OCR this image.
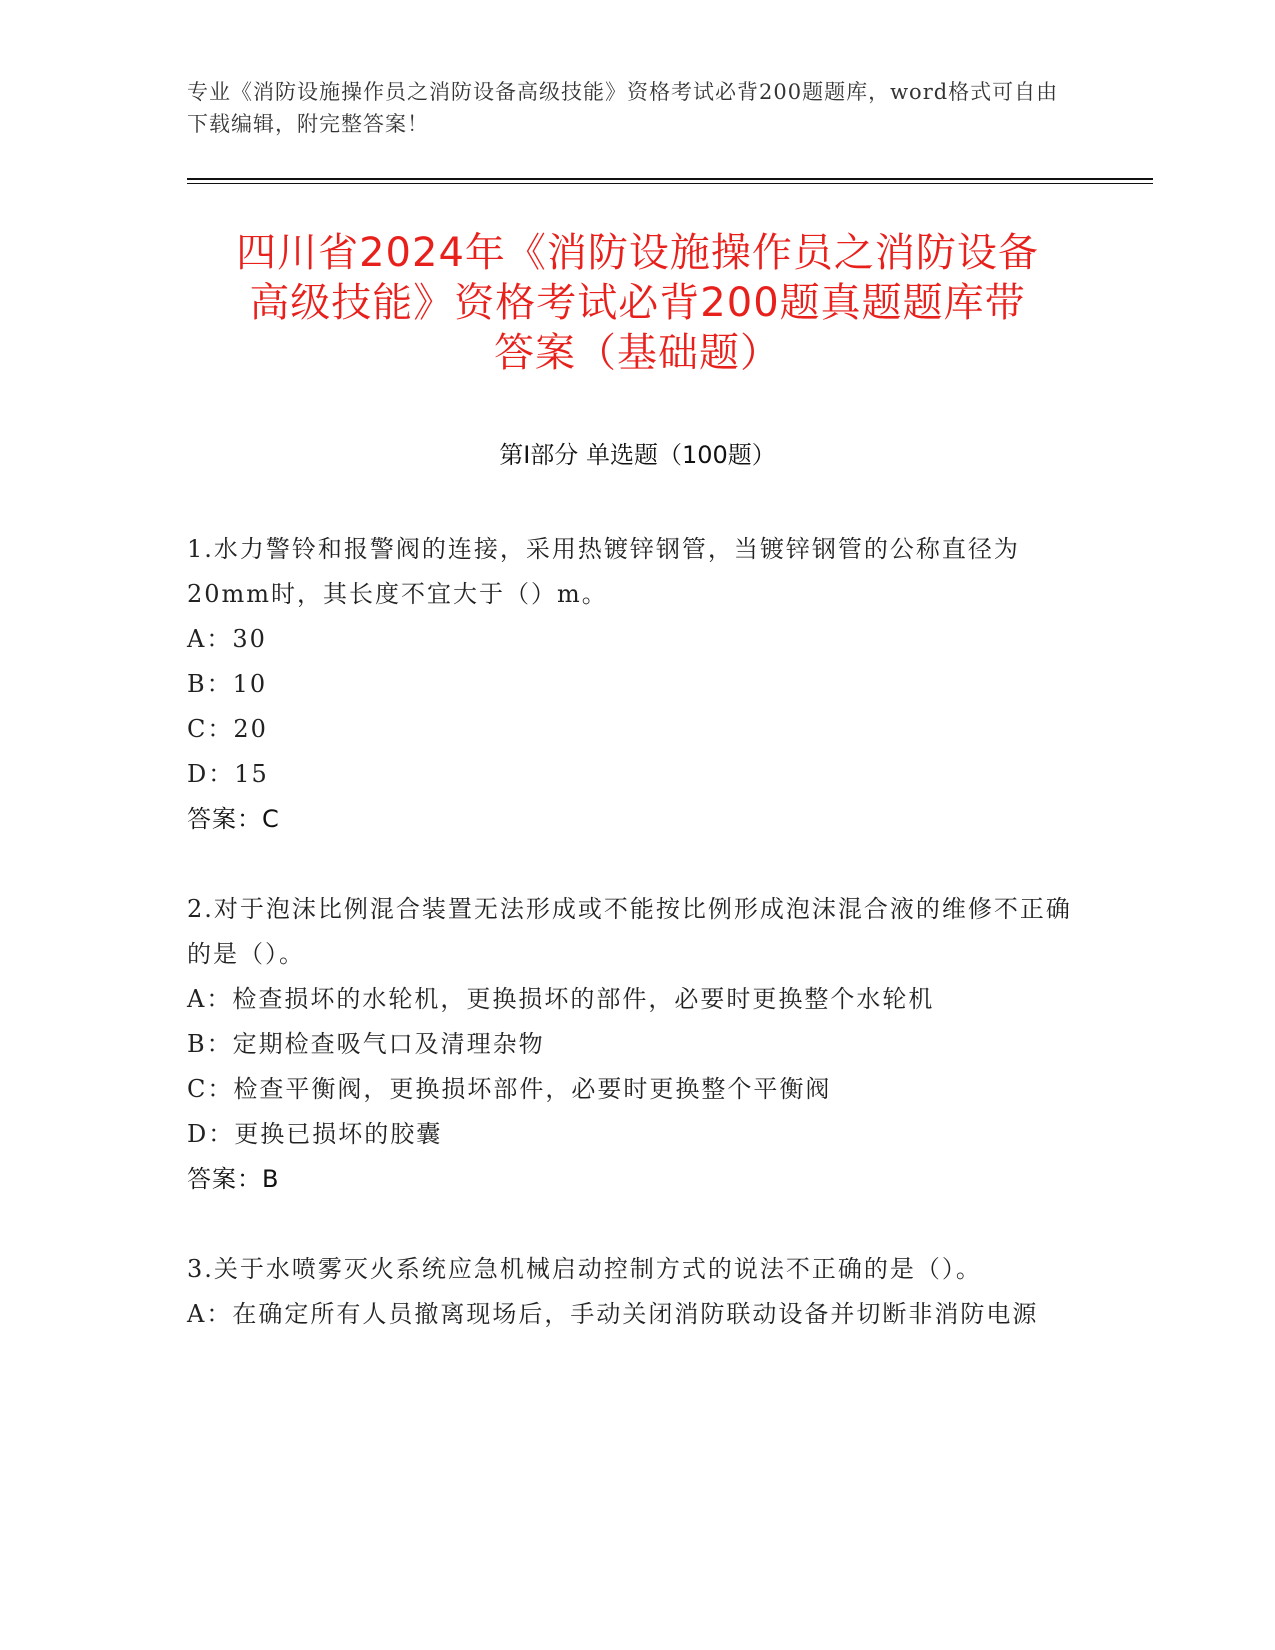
专业《消防设施操作员之消防设备高级技能》资格考试必背200题题库，word格式可自由下载编辑，附完整答案！
四川省2024年《消防设施操作员之消防设备
高级技能》资格考试必背200题真题题库带
答案（基础题）
第I部分 单选题（100题）

1.水力警铃和报警阀的连接，采用热镀锌钢管，当镀锌钢管的公称直径为20mm时，其长度不宜大于（）m。

A：30

B：10

C：20

D：15

答案：C

2.对于泡沫比例混合装置无法形成或不能按比例形成泡沫混合液的维修不正确的是（）。

A：检查损坏的水轮机，更换损坏的部件，必要时更换整个水轮机

B：定期检查吸气口及清理杂物

C：检查平衡阀，更换损坏部件，必要时更换整个平衡阀

D：更换已损坏的胶囊

答案：B

3.关于水喷雾灭火系统应急机械启动控制方式的说法不正确的是（）。

A：在确定所有人员撤离现场后，手动关闭消防联动设备并切断非消防电源
